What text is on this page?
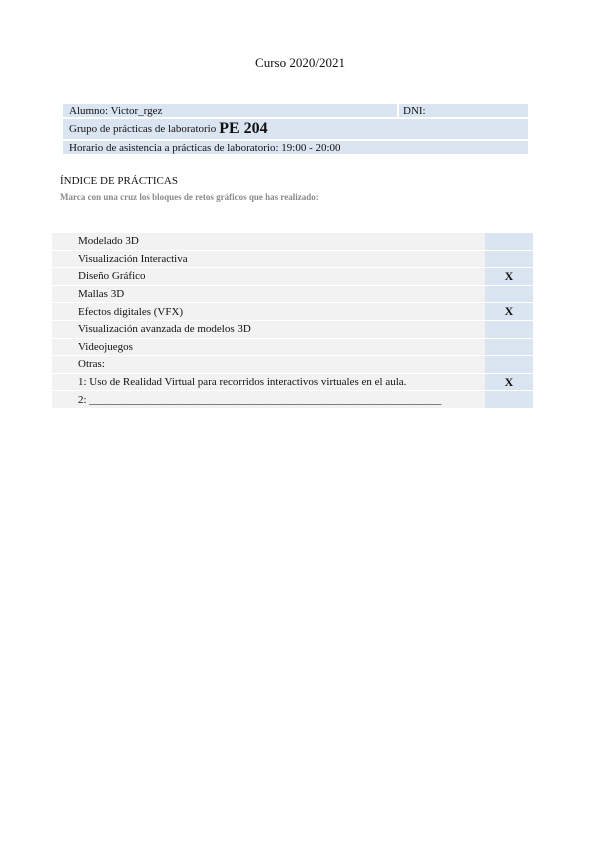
Curso 2020/2021
Alumno: Victor_rgez	DNI:
Grupo de prácticas de laboratorio PE 204
Horario de asistencia a prácticas de laboratorio: 19:00 - 20:00
ÍNDICE DE PRÁCTICAS
Marca con una cruz los bloques de retos gráficos que has realizado:
Modelado 3D
Visualización Interactiva
Diseño Gráfico	X
Mallas 3D
Efectos digitales (VFX)	X
Visualización avanzada de modelos 3D
Videojuegos
Otras:
1: Uso de Realidad Virtual para recorridos interactivos virtuales en el aula.	X
2: ________________________________________________________________
